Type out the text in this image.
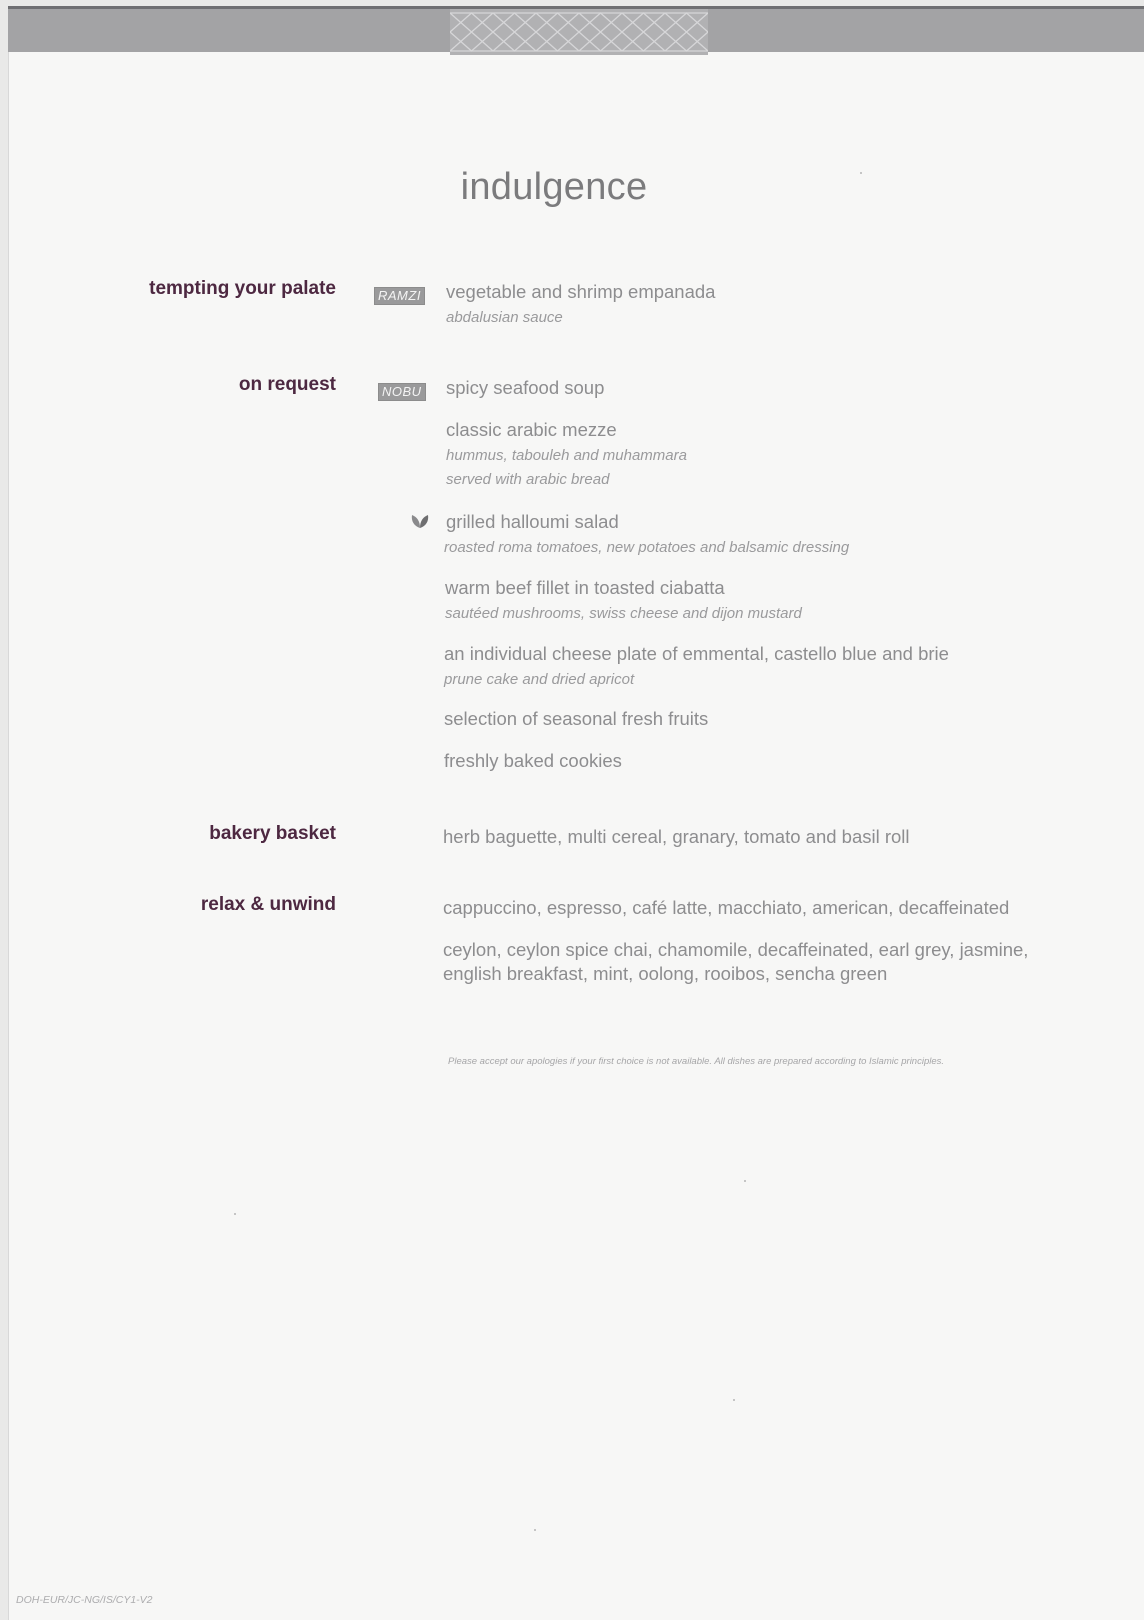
indulgence
tempting your palate	RAMZI vegetable and shrimp empanada
abdalusian sauce
on request	NOBU spicy seafood soup
classic arabic mezze
hummus, tabouleh and muhammara
served with arabic bread
grilled halloumi salad
roasted roma tomatoes, new potatoes and balsamic dressing
warm beef fillet in toasted ciabatta
sautéed mushrooms, swiss cheese and dijon mustard
an individual cheese plate of emmental, castello blue and brie
prune cake and dried apricot
selection of seasonal fresh fruits
freshly baked cookies
bakery basket	herb baguette, multi cereal, granary, tomato and basil roll
relax & unwind	cappuccino, espresso, café latte, macchiato, american, decaffeinated
ceylon, ceylon spice chai, chamomile, decaffeinated, earl grey, jasmine,
english breakfast, mint, oolong, rooibos, sencha green
Please accept our apologies if your first choice is not available. All dishes are prepared according to Islamic principles.
DOH-EUR/JC-NG/IS/CY1-V2
